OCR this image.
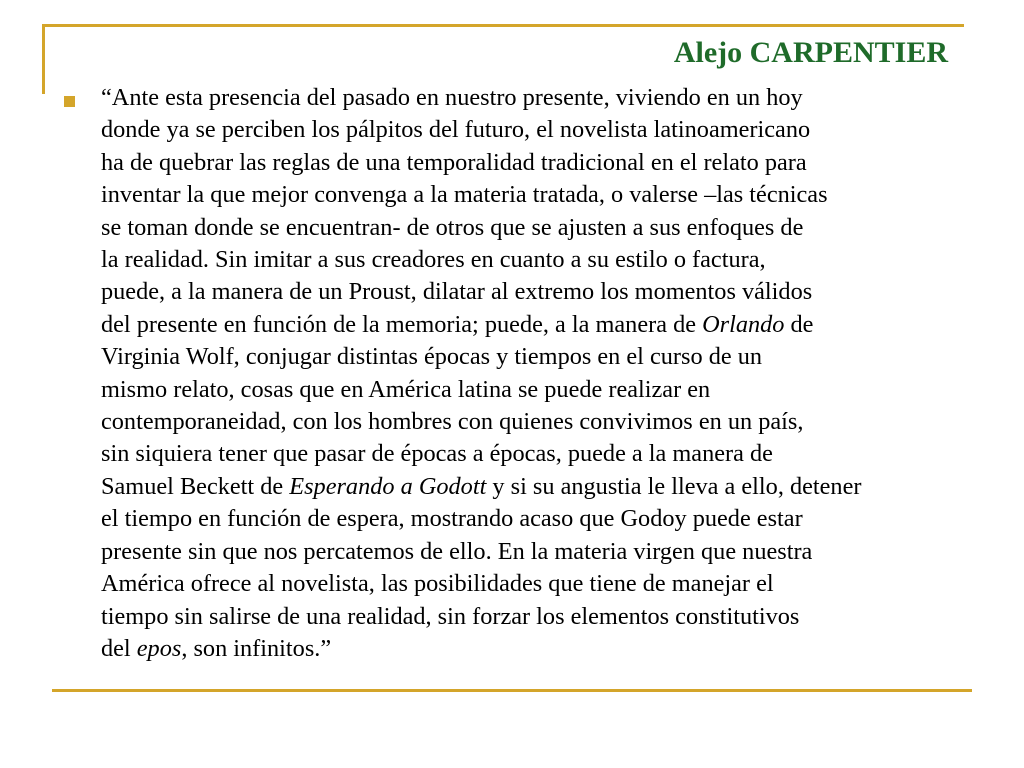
Alejo CARPENTIER

“Ante esta presencia del pasado en nuestro presente, viviendo en un hoy
donde ya se perciben los pálpitos del futuro, el novelista latinoamericano
ha de quebrar las reglas de una temporalidad tradicional en el relato para
inventar la que mejor convenga a la materia tratada, o valerse –las técnicas
se toman donde se encuentran- de otros que se ajusten a sus enfoques de
la realidad. Sin imitar a sus creadores en cuanto a su estilo o factura,
puede, a la manera de un Proust, dilatar al extremo los momentos válidos
del presente en función de la memoria; puede, a la manera de Orlando de
Virginia Wolf, conjugar distintas épocas y tiempos en el curso de un
mismo relato, cosas que en América latina se puede realizar en
contemporaneidad, con los hombres con quienes convivimos en un país,
sin siquiera tener que pasar de épocas a épocas, puede a la manera de
Samuel Beckett de Esperando a Godott y si su angustia le lleva a ello, detener
el tiempo en función de espera, mostrando acaso que Godoy puede estar
presente sin que nos percatemos de ello. En la materia virgen que nuestra
América ofrece al novelista, las posibilidades que tiene de manejar el
tiempo sin salirse de una realidad, sin forzar los elementos constitutivos
del epos, son infinitos.”
